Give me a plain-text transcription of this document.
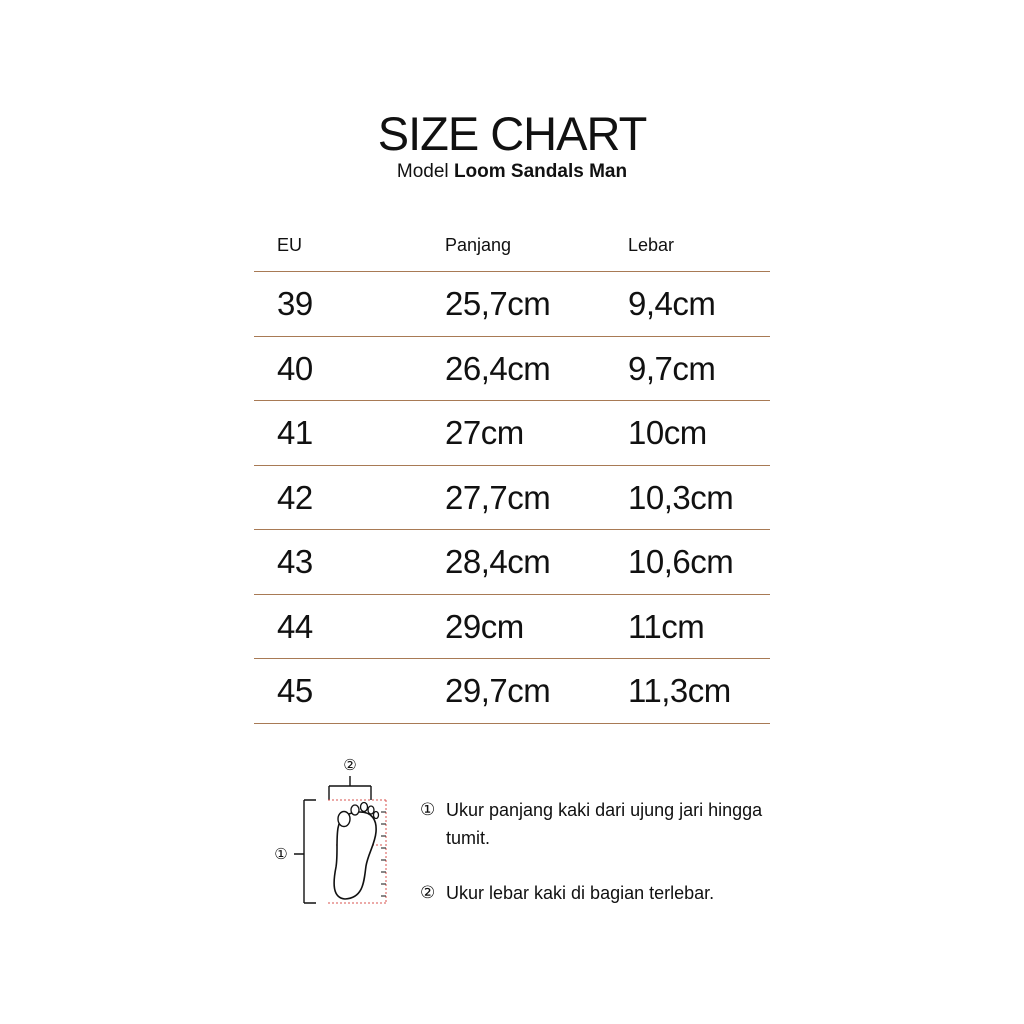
SIZE CHART
Model Loom Sandals Man
EU	Panjang	Lebar
39	25,7cm 9,4cm
40	26,4cm 9,7cm
41	27cm	10cm
42	27,7cm 10,3cm
43	28,4cm 10,6cm
44	29cm	11cm
45	29,7cm 11,3cm
②
①
① Ukur panjang kaki dari ujung jari hingga tumit.
② Ukur lebar kaki di bagian terlebar.
